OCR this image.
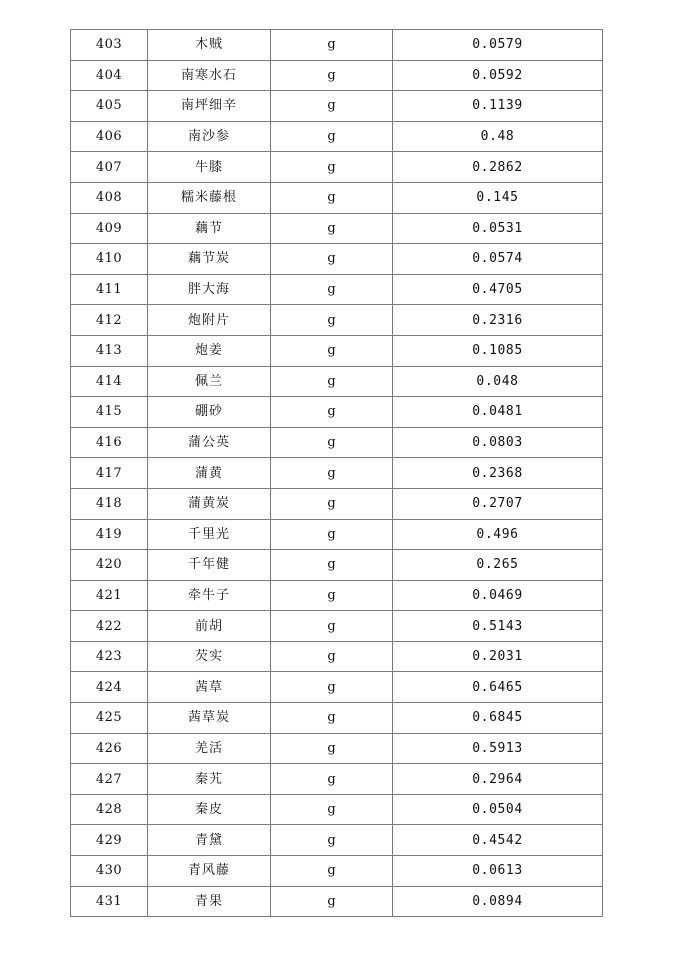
403	木贼	g	0.0579
404	南寒水石	g	0.0592
405	南坪细辛	g	0.1139
406	南沙参	g	0.48
407	牛膝	g	0.2862
408	糯米藤根	g	0.145
409	藕节	g	0.0531
410	藕节炭	g	0.0574
411	胖大海	g	0.4705
412	炮附片	g	0.2316
413	炮姜	g	0.1085
414	佩兰	g	0.048
415	硼砂	g	0.0481
416	蒲公英	g	0.0803
417	蒲黄	g	0.2368
418	蒲黄炭	g	0.2707
419	千里光	g	0.496
420	千年健	g	0.265
421	牵牛子	g	0.0469
422	前胡	g	0.5143
423	芡实	g	0.2031
424	茜草	g	0.6465
425	茜草炭	g	0.6845
426	羌活	g	0.5913
427	秦艽	g	0.2964
428	秦皮	g	0.0504
429	青黛	g	0.4542
430	青风藤	g	0.0613
431	青果	g	0.0894
